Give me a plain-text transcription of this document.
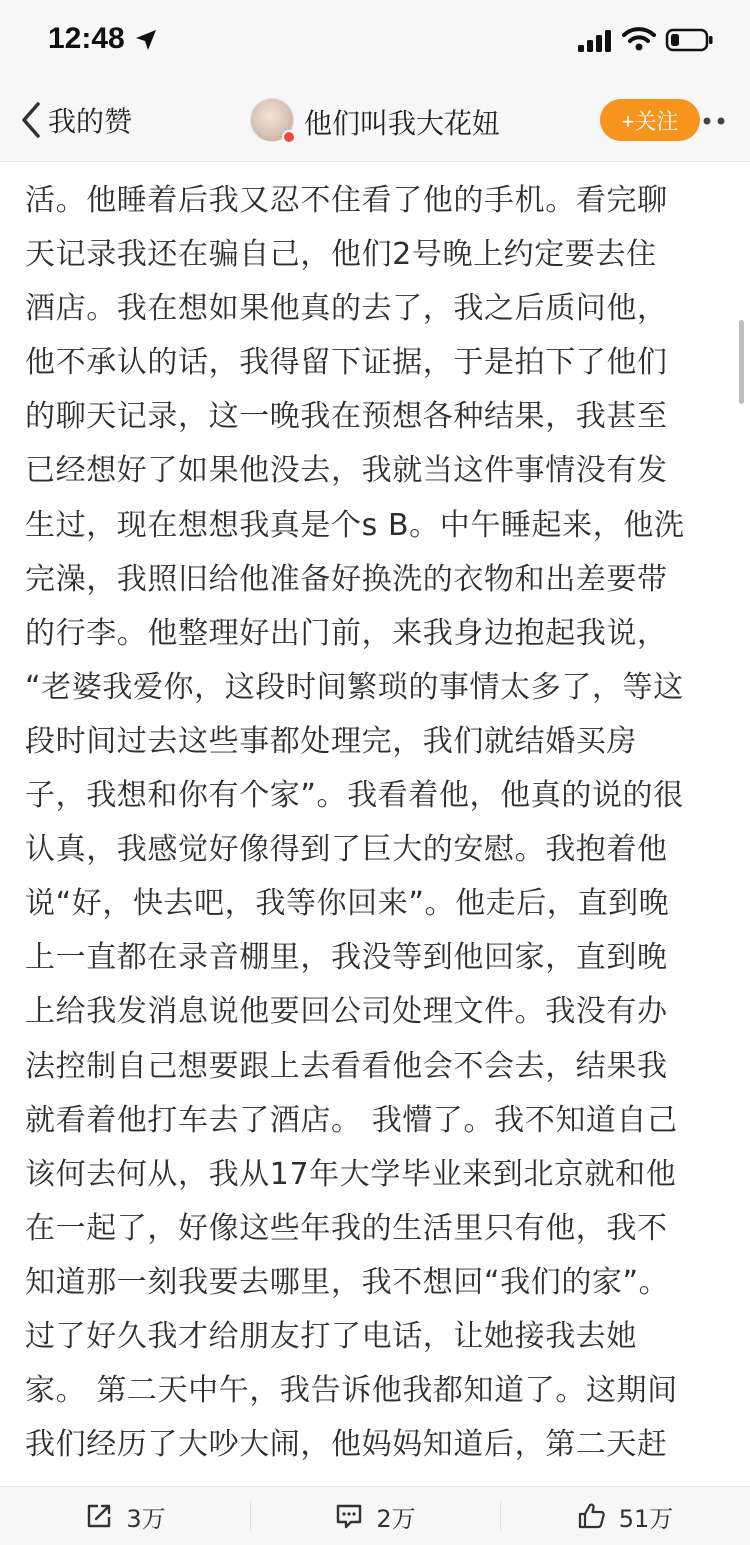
12:48
我的赞	他们叫我大花妞	+关注
活。他睡着后我又忍不住看了他的手机。看完聊
天记录我还在骗自己，他们2号晚上约定要去住
酒店。我在想如果他真的去了，我之后质问他，
他不承认的话，我得留下证据，于是拍下了他们
的聊天记录，这一晚我在预想各种结果，我甚至
已经想好了如果他没去，我就当这件事情没有发
生过，现在想想我真是个s B。中午睡起来，他洗
完澡，我照旧给他准备好换洗的衣物和出差要带
的行李。他整理好出门前，来我身边抱起我说，
“老婆我爱你，这段时间繁琐的事情太多了，等这
段时间过去这些事都处理完，我们就结婚买房
子，我想和你有个家”。我看着他，他真的说的很
认真，我感觉好像得到了巨大的安慰。我抱着他
说“好，快去吧，我等你回来”。他走后，直到晚
上一直都在录音棚里，我没等到他回家，直到晚
上给我发消息说他要回公司处理文件。我没有办
法控制自己想要跟上去看看他会不会去，结果我
就看着他打车去了酒店。 我懵了。我不知道自己
该何去何从，我从17年大学毕业来到北京就和他
在一起了，好像这些年我的生活里只有他，我不
知道那一刻我要去哪里，我不想回“我们的家”。
过了好久我才给朋友打了电话，让她接我去她
家。 第二天中午，我告诉他我都知道了。这期间
我们经历了大吵大闹，他妈妈知道后，第二天赶
3万	2万	51万
